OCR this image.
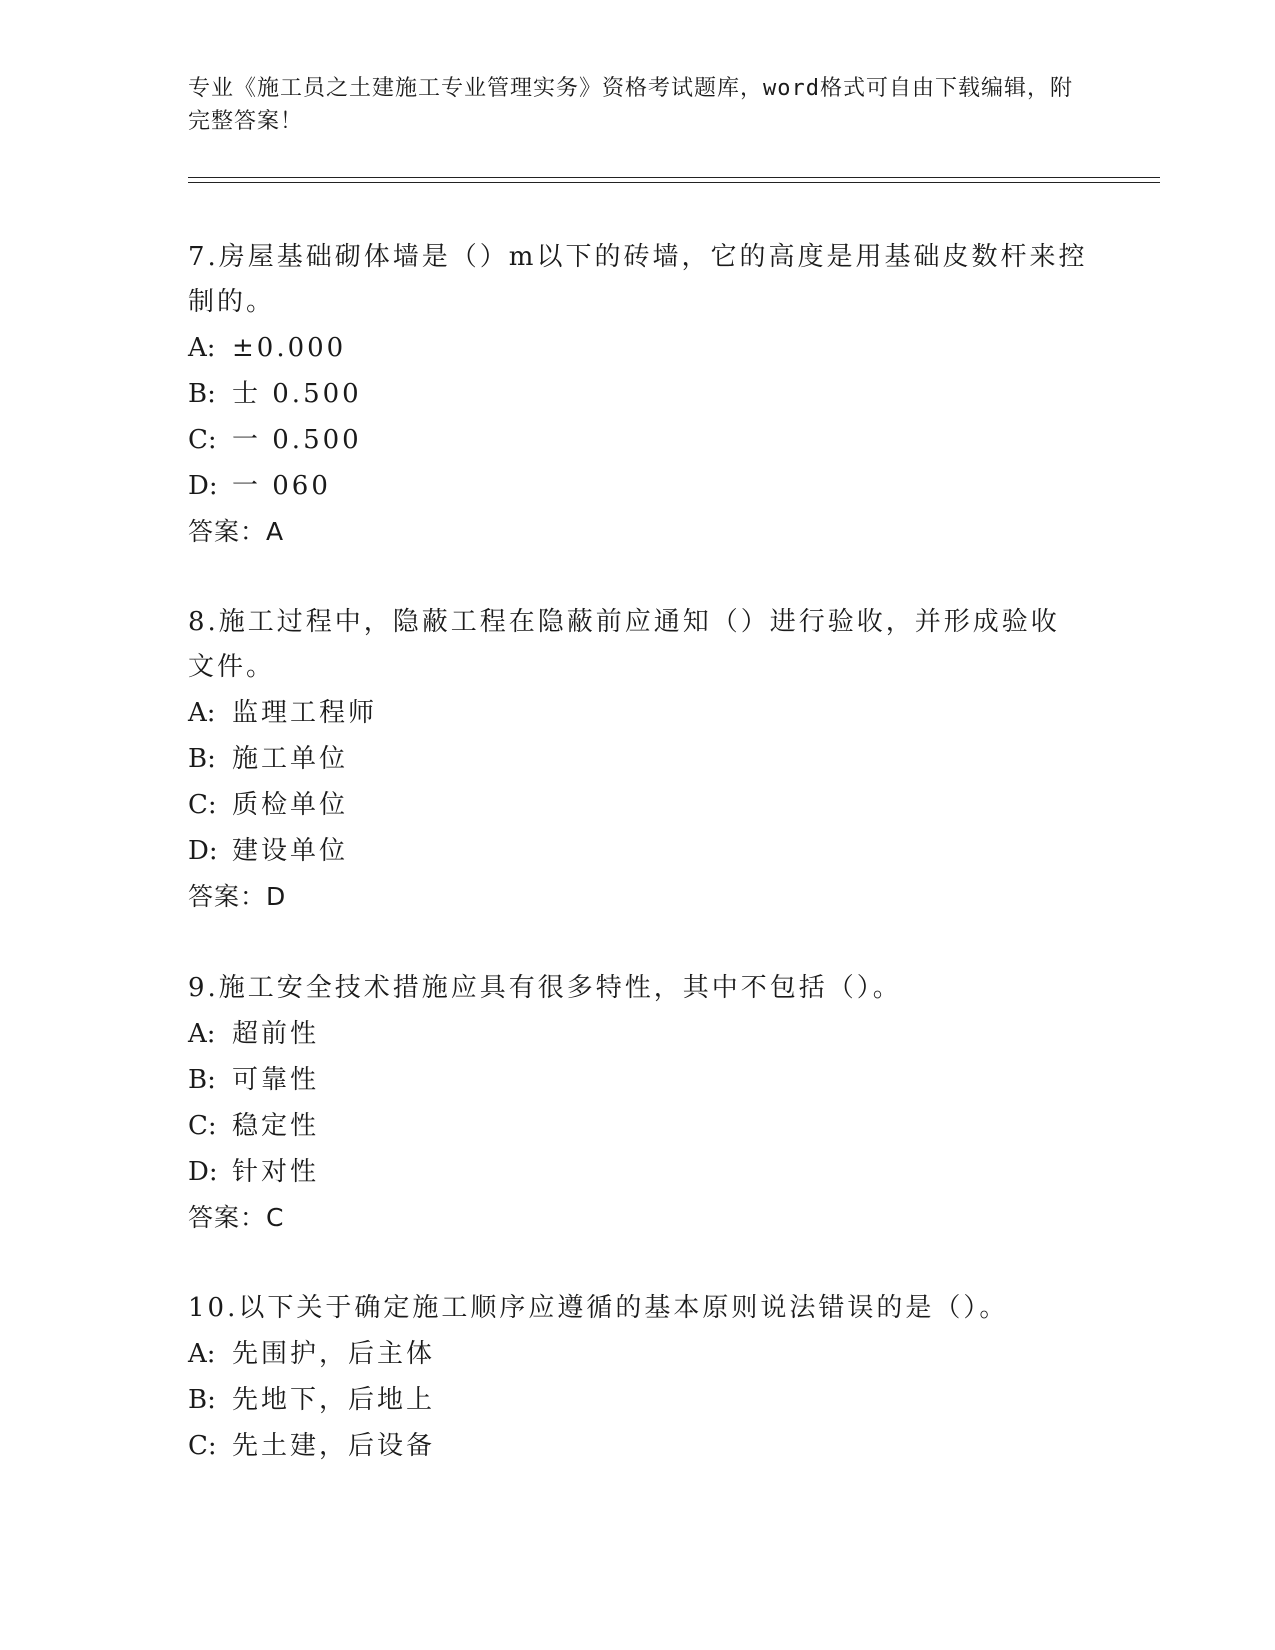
专业《施工员之土建施工专业管理实务》资格考试题库，word格式可自由下载编辑，附完整答案！
7.房屋基础砌体墙是（）m以下的砖墙，它的高度是用基础皮数杆来控制的。
A: ±0.000
B: 士 0.500
C: 一 0.500
D: 一 060
答案：A
8.施工过程中，隐蔽工程在隐蔽前应通知（）进行验收，并形成验收文件。
A: 监理工程师
B: 施工单位
C: 质检单位
D: 建设单位
答案：D
9.施工安全技术措施应具有很多特性，其中不包括（）。
A: 超前性
B: 可靠性
C: 稳定性
D: 针对性
答案：C
10.以下关于确定施工顺序应遵循的基本原则说法错误的是（）。
A: 先围护，后主体
B: 先地下，后地上
C: 先土建，后设备
